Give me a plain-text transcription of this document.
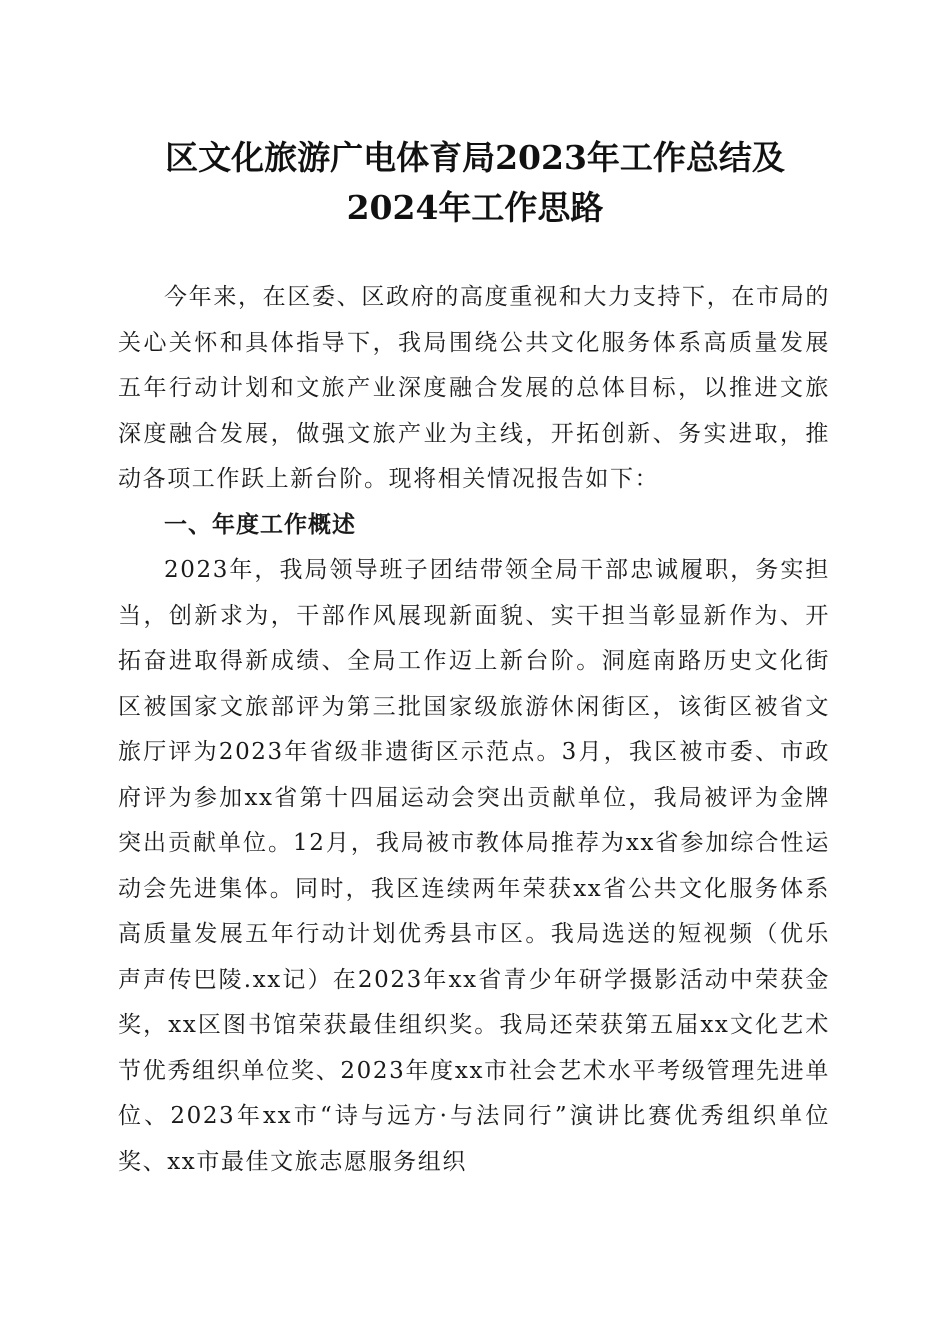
区文化旅游广电体育局2023年工作总结及
2024年工作思路

今年来，在区委、区政府的高度重视和大力支持下，在市局的关心关怀和具体指导下，我局围绕公共文化服务体系高质量发展五年行动计划和文旅产业深度融合发展的总体目标，以推进文旅深度融合发展，做强文旅产业为主线，开拓创新、务实进取，推动各项工作跃上新台阶。现将相关情况报告如下：

一、年度工作概述

2023年，我局领导班子团结带领全局干部忠诚履职，务实担当，创新求为，干部作风展现新面貌、实干担当彰显新作为、开拓奋进取得新成绩、全局工作迈上新台阶。洞庭南路历史文化街区被国家文旅部评为第三批国家级旅游休闲街区，该街区被省文旅厅评为2023年省级非遗街区示范点。3月，我区被市委、市政府评为参加xx省第十四届运动会突出贡献单位，我局被评为金牌突出贡献单位。12月，我局被市教体局推荐为xx省参加综合性运动会先进集体。同时，我区连续两年荣获xx省公共文化服务体系高质量发展五年行动计划优秀县市区。我局选送的短视频（优乐声声传巴陵.xx记）在2023年xx省青少年研学摄影活动中荣获金奖，xx区图书馆荣获最佳组织奖。我局还荣获第五届xx文化艺术节优秀组织单位奖、2023年度xx市社会艺术水平考级管理先进单位、2023年xx市“诗与远方·与法同行”演讲比赛优秀组织单位奖、xx市最佳文旅志愿服务组织
